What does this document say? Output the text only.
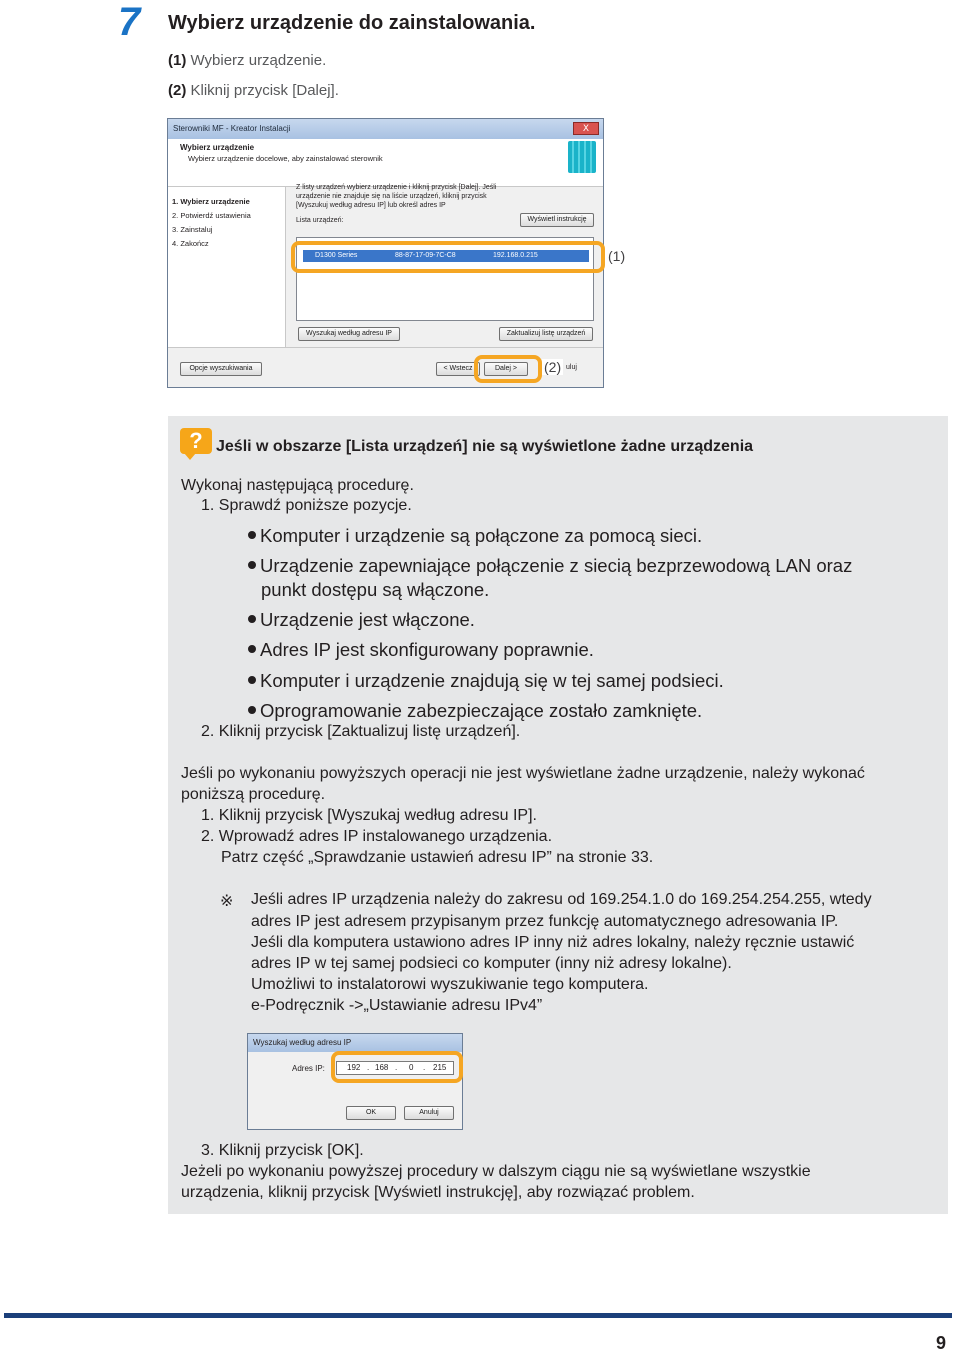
7 Wybierz urządzenie do zainstalowania.
(1) Wybierz urządzenie.
(2) Kliknij przycisk [Dalej].
Sterowniki MF - Kreator Instalacji	X
Wybierz urządzenie
Wybierz urządzenie docelowe, aby zainstalować sterownik
1. Wybierz urządzenie
2. Potwierdź ustawienia
3. Zainstaluj
4. Zakończ
Z listy urządzeń wybierz urządzenie i kliknij przycisk [Dalej]. Jeśli urządzenie nie znajduje się na liście urządzeń, kliknij przycisk [Wyszukuj według adresu IP] lub określ adres IP
Lista urządzeń:	Wyświetl instrukcję
D1300 Series	88-87-17-09-7C-C8	192.168.0.215
Wyszukaj według adresu IP	Zaktualizuj listę urządzeń
Opcje wyszukiwania	< Wstecz	Dalej >	uluj
(1)
(2)
? Jeśli w obszarze [Lista urządzeń] nie są wyświetlone żadne urządzenia
Wykonaj następującą procedurę.
1. Sprawdź poniższe pozycje.
Komputer i urządzenie są połączone za pomocą sieci.
Urządzenie zapewniające połączenie z siecią bezprzewodową LAN oraz
punkt dostępu są włączone.
Urządzenie jest włączone.
Adres IP jest skonfigurowany poprawnie.
Komputer i urządzenie znajdują się w tej samej podsieci.
Oprogramowanie zabezpieczające zostało zamknięte.
2. Kliknij przycisk [Zaktualizuj listę urządzeń].
Jeśli po wykonaniu powyższych operacji nie jest wyświetlane żadne urządzenie, należy wykonać
poniższą procedurę.
1. Kliknij przycisk [Wyszukaj według adresu IP].
2. Wprowadź adres IP instalowanego urządzenia.
Patrz część „Sprawdzanie ustawień adresu IP” na stronie 33.
※ Jeśli adres IP urządzenia należy do zakresu od 169.254.1.0 do 169.254.254.255, wtedy
adres IP jest adresem przypisanym przez funkcję automatycznego adresowania IP.
Jeśli dla komputera ustawiono adres IP inny niż adres lokalny, należy ręcznie ustawić
adres IP w tej samej podsieci co komputer (inny niż adresy lokalne).
Umożliwi to instalatorowi wyszukiwanie tego komputera.
e-Podręcznik ->„Ustawianie adresu IPv4”
Wyszukaj według adresu IP
Adres IP:	192 . 168 . 0 . 215
OK	Anuluj
3. Kliknij przycisk [OK].
Jeżeli po wykonaniu powyższej procedury w dalszym ciągu nie są wyświetlane wszystkie
urządzenia, kliknij przycisk [Wyświetl instrukcję], aby rozwiązać problem.
9
